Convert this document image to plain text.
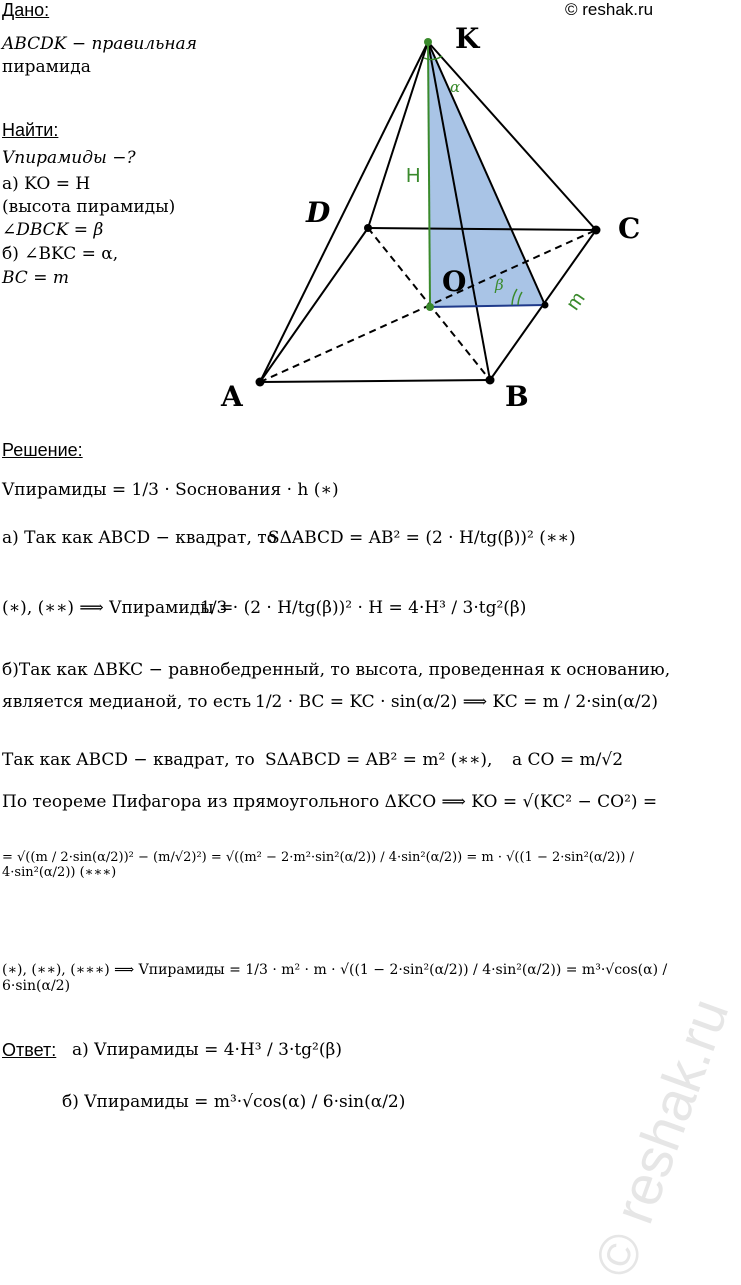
Дано:	© reshak.ru
ABCDK − правильная
пирамида
Найти:
Vпирамиды −?
а) KO = H
(высота пирамиды)
∠DBCK = β
б) ∠BKC = α,
BC = m
K
D	C
O
A	B
H
m
α
β
Решение:
Vпирамиды = 1/3 · Sоснования · h (∗)
а) Так как ABCD − квадрат, то
SΔABCD = AB² = (2 · H/tg(β))² (∗∗)
(∗), (∗∗) ⟹ Vпирамиды =
1/3 · (2 · H/tg(β))² · H = 4·H³ / 3·tg²(β)
б)Так как ΔBKC − равнобедренный, то высота, проведенная к основанию,
является медианой, то есть 1/2 · BC = KC · sin(α/2) ⟹ KC = m / 2·sin(α/2)
Так как ABCD − квадрат, то SΔABCD = AB² = m² (∗∗), а CO = m/√2
По теореме Пифагора из прямоугольного ΔKCO ⟹ KO = √(KC² − CO²) =
= √((m / 2·sin(α/2))² − (m/√2)²) = √((m² − 2·m²·sin²(α/2)) / 4·sin²(α/2)) = m · √((1 − 2·sin²(α/2)) / 4·sin²(α/2)) (∗∗∗)
(∗), (∗∗), (∗∗∗) ⟹ Vпирамиды = 1/3 · m² · m · √((1 − 2·sin²(α/2)) / 4·sin²(α/2)) = m³·√cos(α) / 6·sin(α/2)
Ответ: а) Vпирамиды = 4·H³ / 3·tg²(β)
б) Vпирамиды = m³·√cos(α) / 6·sin(α/2)	© reshak.ru
